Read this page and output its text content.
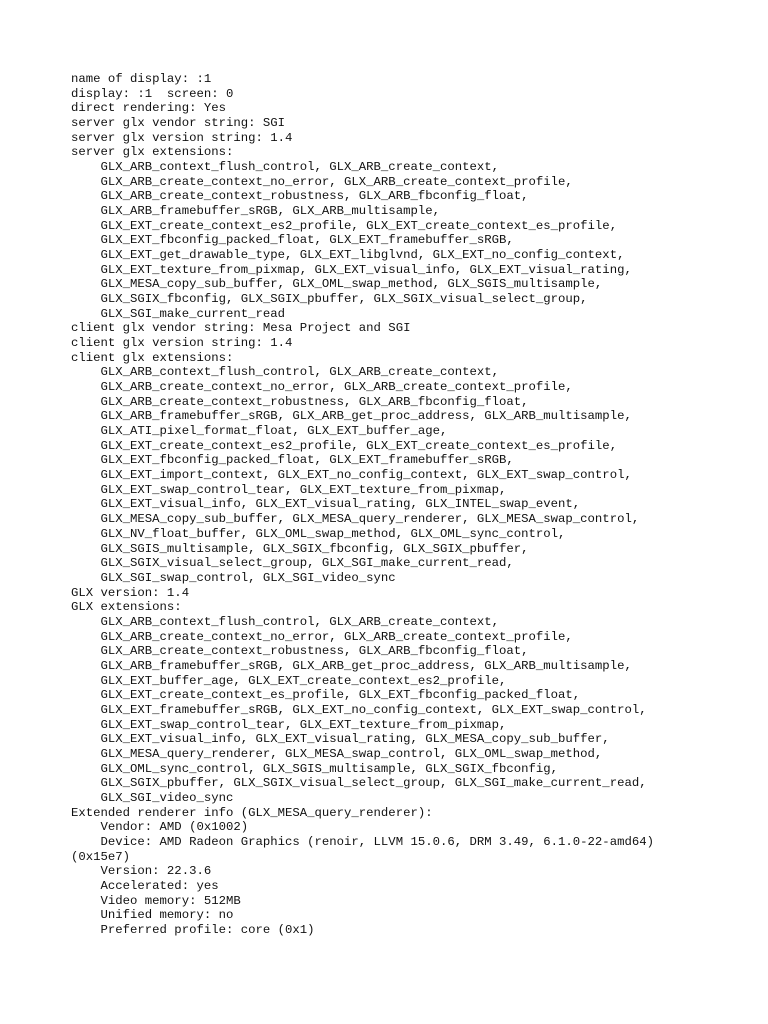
name of display: :1
display: :1  screen: 0
direct rendering: Yes
server glx vendor string: SGI
server glx version string: 1.4
server glx extensions:
GLX_ARB_context_flush_control, GLX_ARB_create_context,
GLX_ARB_create_context_no_error, GLX_ARB_create_context_profile,
GLX_ARB_create_context_robustness, GLX_ARB_fbconfig_float,
GLX_ARB_framebuffer_sRGB, GLX_ARB_multisample,
GLX_EXT_create_context_es2_profile, GLX_EXT_create_context_es_profile,
GLX_EXT_fbconfig_packed_float, GLX_EXT_framebuffer_sRGB,
GLX_EXT_get_drawable_type, GLX_EXT_libglvnd, GLX_EXT_no_config_context,
GLX_EXT_texture_from_pixmap, GLX_EXT_visual_info, GLX_EXT_visual_rating,
GLX_MESA_copy_sub_buffer, GLX_OML_swap_method, GLX_SGIS_multisample,
GLX_SGIX_fbconfig, GLX_SGIX_pbuffer, GLX_SGIX_visual_select_group,
GLX_SGI_make_current_read
client glx vendor string: Mesa Project and SGI
client glx version string: 1.4
client glx extensions:
GLX_ARB_context_flush_control, GLX_ARB_create_context,
GLX_ARB_create_context_no_error, GLX_ARB_create_context_profile,
GLX_ARB_create_context_robustness, GLX_ARB_fbconfig_float,
GLX_ARB_framebuffer_sRGB, GLX_ARB_get_proc_address, GLX_ARB_multisample,
GLX_ATI_pixel_format_float, GLX_EXT_buffer_age,
GLX_EXT_create_context_es2_profile, GLX_EXT_create_context_es_profile,
GLX_EXT_fbconfig_packed_float, GLX_EXT_framebuffer_sRGB,
GLX_EXT_import_context, GLX_EXT_no_config_context, GLX_EXT_swap_control,
GLX_EXT_swap_control_tear, GLX_EXT_texture_from_pixmap,
GLX_EXT_visual_info, GLX_EXT_visual_rating, GLX_INTEL_swap_event,
GLX_MESA_copy_sub_buffer, GLX_MESA_query_renderer, GLX_MESA_swap_control,
GLX_NV_float_buffer, GLX_OML_swap_method, GLX_OML_sync_control,
GLX_SGIS_multisample, GLX_SGIX_fbconfig, GLX_SGIX_pbuffer,
GLX_SGIX_visual_select_group, GLX_SGI_make_current_read,
GLX_SGI_swap_control, GLX_SGI_video_sync
GLX version: 1.4
GLX extensions:
GLX_ARB_context_flush_control, GLX_ARB_create_context,
GLX_ARB_create_context_no_error, GLX_ARB_create_context_profile,
GLX_ARB_create_context_robustness, GLX_ARB_fbconfig_float,
GLX_ARB_framebuffer_sRGB, GLX_ARB_get_proc_address, GLX_ARB_multisample,
GLX_EXT_buffer_age, GLX_EXT_create_context_es2_profile,
GLX_EXT_create_context_es_profile, GLX_EXT_fbconfig_packed_float,
GLX_EXT_framebuffer_sRGB, GLX_EXT_no_config_context, GLX_EXT_swap_control,
GLX_EXT_swap_control_tear, GLX_EXT_texture_from_pixmap,
GLX_EXT_visual_info, GLX_EXT_visual_rating, GLX_MESA_copy_sub_buffer,
GLX_MESA_query_renderer, GLX_MESA_swap_control, GLX_OML_swap_method,
GLX_OML_sync_control, GLX_SGIS_multisample, GLX_SGIX_fbconfig,
GLX_SGIX_pbuffer, GLX_SGIX_visual_select_group, GLX_SGI_make_current_read,
GLX_SGI_video_sync
Extended renderer info (GLX_MESA_query_renderer):
Vendor: AMD (0x1002)
Device: AMD Radeon Graphics (renoir, LLVM 15.0.6, DRM 3.49, 6.1.0-22-amd64)
(0x15e7)
Version: 22.3.6
Accelerated: yes
Video memory: 512MB
Unified memory: no
Preferred profile: core (0x1)
